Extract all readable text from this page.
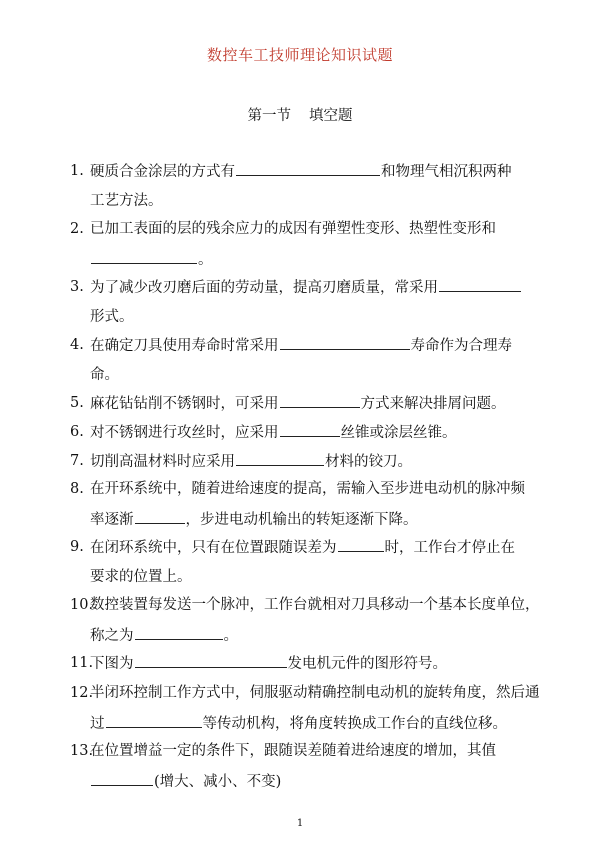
数控车工技师理论知识试题
第一节 填空题
1. 硬质合金涂层的方式有	和物理气相沉积两种
工艺方法。
2. 已加工表面的层的残余应力的成因有弹塑性变形、热塑性变形和
。
3. 为了减少改刃磨后面的劳动量，提高刃磨质量，常采用
形式。
4. 在确定刀具使用寿命时常采用	寿命作为合理寿
命。
5. 麻花钻钻削不锈钢时，可采用	方式来解决排屑问题。
6. 对不锈钢进行攻丝时，应采用	丝锥或涂层丝锥。
7. 切削高温材料时应采用	材料的铰刀。
8. 在开环系统中，随着进给速度的提高，需输入至步进电动机的脉冲频
率逐渐	，步进电动机输出的转矩逐渐下降。
9. 在闭环系统中，只有在位置跟随误差为	时，工作台才停止在
要求的位置上。
10.
数控装置每发送一个脉冲，工作台就相对刀具移动一个基本长度单位，
称之为	。
11.
下图为	发电机元件的图形符号。
12.
半闭环控制工作方式中，伺服驱动精确控制电动机的旋转角度，然后通
过	等传动机构，将角度转换成工作台的直线位移。
13.
在位置增益一定的条件下，跟随误差随着进给速度的增加，其值
(增大、减小、不变)
1
